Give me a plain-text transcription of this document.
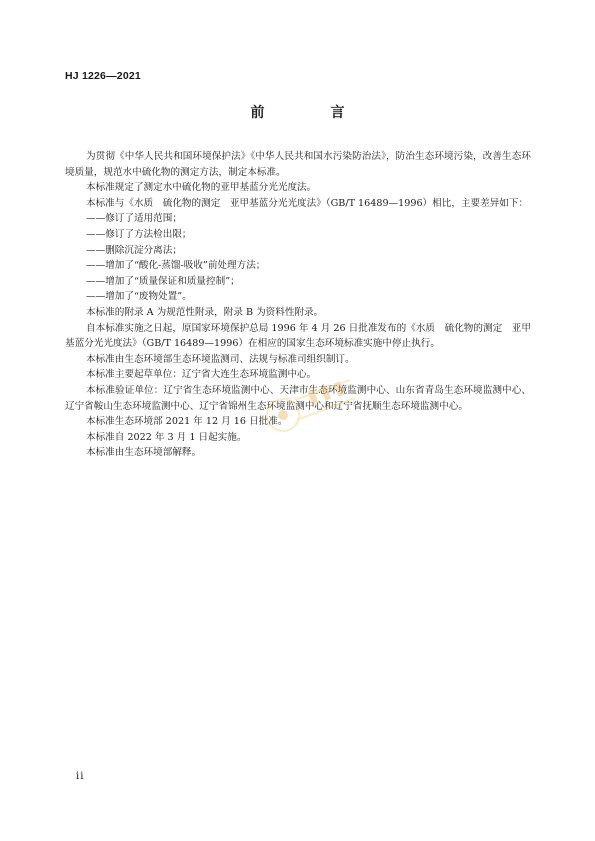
HJ 1226—2021
前　言

为贯彻《中华人民共和国环境保护法》《中华人民共和国水污染防治法》，防治生态环境污染，改善生态环境质量，规范水中硫化物的测定方法，制定本标准。

本标准规定了测定水中硫化物的亚甲基蓝分光光度法。

本标准与《水质　硫化物的测定　亚甲基蓝分光光度法》（GB/T 16489—1996）相比，主要差异如下：

——修订了适用范围；

——修订了方法检出限；

——删除沉淀分离法；

——增加了“酸化-蒸馏-吸收”前处理方法；

——增加了“质量保证和质量控制”；

——增加了“废物处置”。

本标准的附录 A 为规范性附录，附录 B 为资料性附录。

自本标准实施之日起，原国家环境保护总局 1996 年 4 月 26 日批准发布的《水质　硫化物的测定　亚甲基蓝分光光度法》（GB/T 16489—1996）在相应的国家生态环境标准实施中停止执行。

本标准由生态环境部生态环境监测司、法规与标准司组织制订。

本标准主要起草单位：辽宁省大连生态环境监测中心。

本标准验证单位：辽宁省生态环境监测中心、天津市生态环境监测中心、山东省青岛生态环境监测中心、辽宁省鞍山生态环境监测中心、辽宁省锦州生态环境监测中心和辽宁省抚顺生态环境监测中心。

本标准生态环境部 2021 年 12 月 16 日批准。

本标准自 2022 年 3 月 1 日起实施。

本标准由生态环境部解释。

ii
